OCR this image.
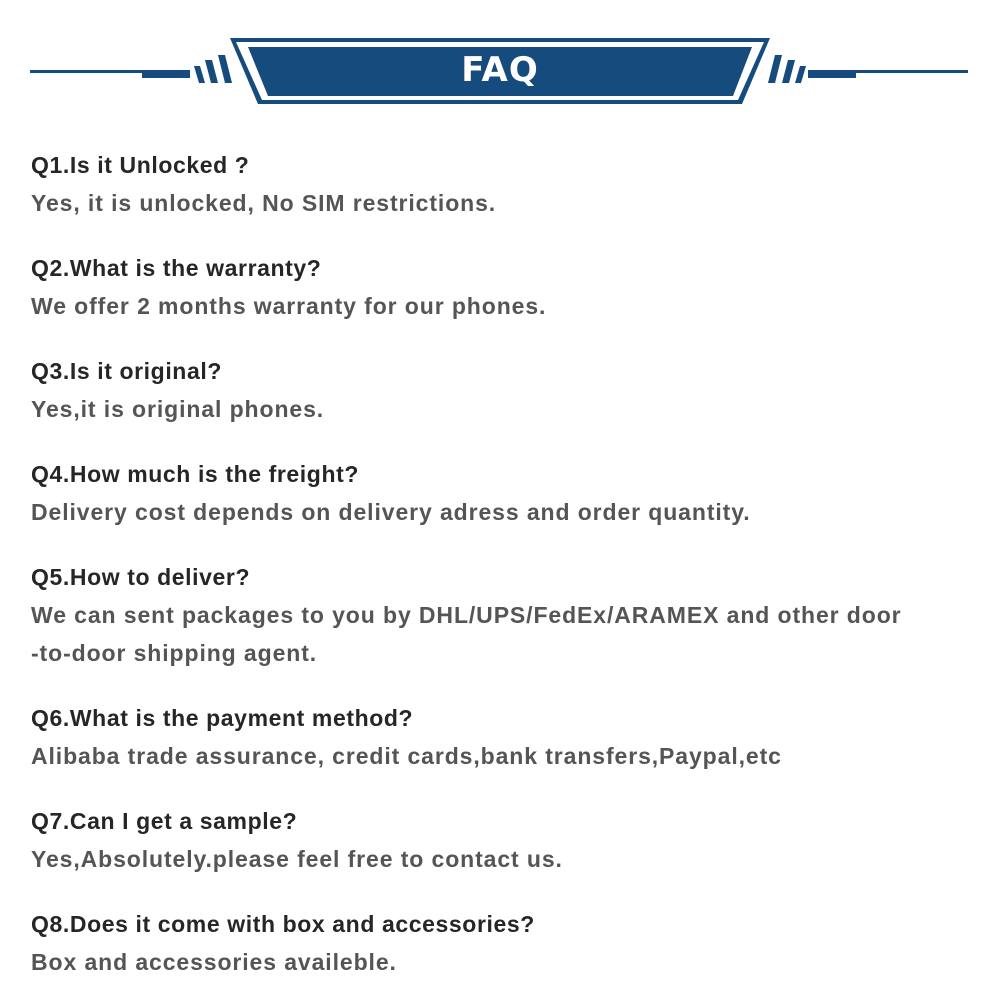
FAQ
Q1.Is it Unlocked ?
Yes, it is unlocked, No SIM restrictions.
Q2.What is the warranty?
We offer 2 months warranty for our phones.
Q3.Is it original?
Yes,it is original phones.
Q4.How much is the freight?
Delivery cost depends on delivery adress and order quantity.
Q5.How to deliver?
We can sent packages to you by DHL/UPS/FedEx/ARAMEX and other door
-to-door shipping agent.
Q6.What is the payment method?
Alibaba trade assurance, credit cards,bank transfers,Paypal,etc
Q7.Can I get a sample?
Yes,Absolutely.please feel free to contact us.
Q8.Does it come with box and accessories?
Box and accessories availeble.
